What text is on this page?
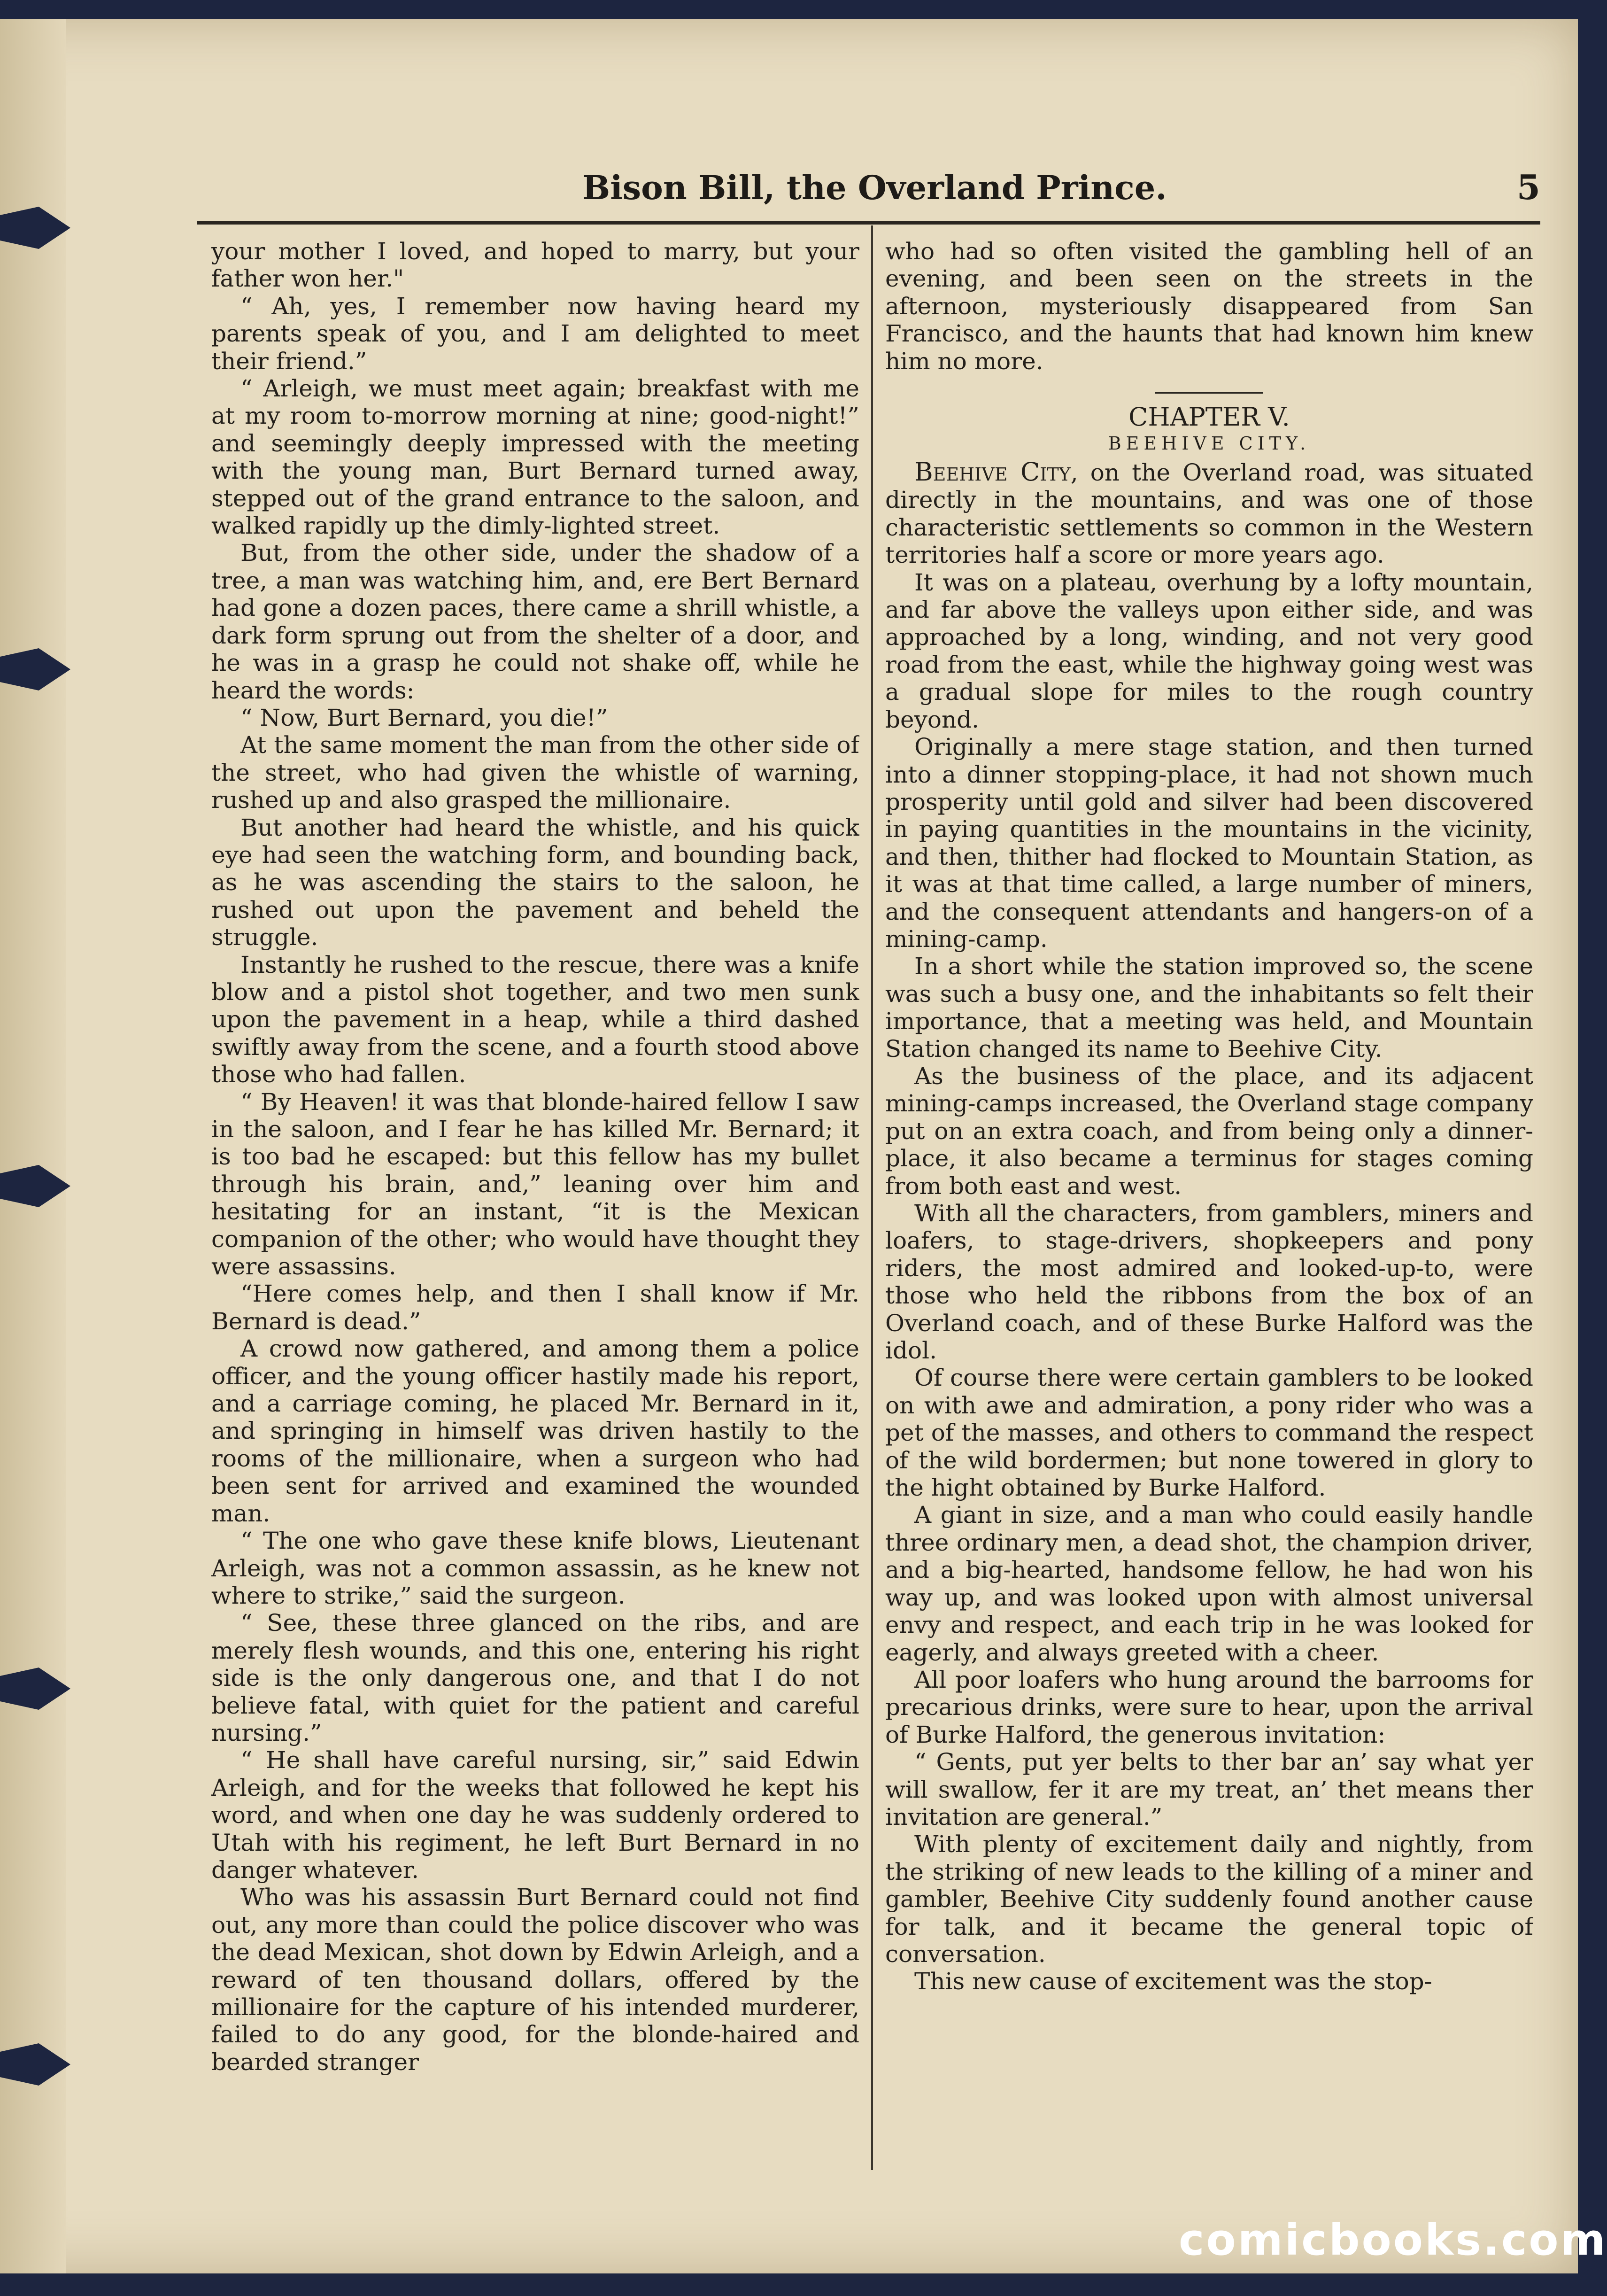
Bison Bill, the Overland Prince.	5

your mother I loved, and hoped to marry, but your father won her."

“ Ah, yes, I remember now having heard my parents speak of you, and I am delighted to meet their friend.”

“ Arleigh, we must meet again; breakfast with me at my room to-morrow morning at nine; good-night!” and seemingly deeply impressed with the meeting with the young man, Burt Bernard turned away, stepped out of the grand entrance to the saloon, and walked rapidly up the dimly-lighted street.

But, from the other side, under the shadow of a tree, a man was watching him, and, ere Bert Bernard had gone a dozen paces, there came a shrill whistle, a dark form sprung out from the shelter of a door, and he was in a grasp he could not shake off, while he heard the words:

“ Now, Burt Bernard, you die!”

At the same moment the man from the other side of the street, who had given the whistle of warning, rushed up and also grasped the millionaire.

But another had heard the whistle, and his quick eye had seen the watching form, and bounding back, as he was ascending the stairs to the saloon, he rushed out upon the pavement and beheld the struggle.

Instantly he rushed to the rescue, there was a knife blow and a pistol shot together, and two men sunk upon the pavement in a heap, while a third dashed swiftly away from the scene, and a fourth stood above those who had fallen.

“ By Heaven! it was that blonde-haired fellow I saw in the saloon, and I fear he has killed Mr. Bernard; it is too bad he escaped: but this fellow has my bullet through his brain, and,” leaning over him and hesitating for an instant, “it is the Mexican companion of the other; who would have thought they were assassins.

“Here comes help, and then I shall know if Mr. Bernard is dead.”

A crowd now gathered, and among them a police officer, and the young officer hastily made his report, and a carriage coming, he placed Mr. Bernard in it, and springing in himself was driven hastily to the rooms of the millionaire, when a surgeon who had been sent for arrived and examined the wounded man.

“ The one who gave these knife blows, Lieutenant Arleigh, was not a common assassin, as he knew not where to strike,” said the surgeon.

“ See, these three glanced on the ribs, and are merely flesh wounds, and this one, entering his right side is the only dangerous one, and that I do not believe fatal, with quiet for the patient and careful nursing.”

“ He shall have careful nursing, sir,” said Edwin Arleigh, and for the weeks that followed he kept his word, and when one day he was suddenly ordered to Utah with his regiment, he left Burt Bernard in no danger whatever.

Who was his assassin Burt Bernard could not find out, any more than could the police discover who was the dead Mexican, shot down by Edwin Arleigh, and a reward of ten thousand dollars, offered by the millionaire for the capture of his intended murderer, failed to do any good, for the blonde-haired and bearded stranger

who had so often visited the gambling hell of an evening, and been seen on the streets in the afternoon, mysteriously disappeared from San Francisco, and the haunts that had known him knew him no more.

CHAPTER V.

BEEHIVE CITY.

Beehive City, on the Overland road, was situated directly in the mountains, and was one of those characteristic settlements so common in the Western territories half a score or more years ago.

It was on a plateau, overhung by a lofty mountain, and far above the valleys upon either side, and was approached by a long, winding, and not very good road from the east, while the highway going west was a gradual slope for miles to the rough country beyond.

Originally a mere stage station, and then turned into a dinner stopping-place, it had not shown much prosperity until gold and silver had been discovered in paying quantities in the mountains in the vicinity, and then, thither had flocked to Mountain Station, as it was at that time called, a large number of miners, and the consequent attendants and hangers-on of a mining-camp.

In a short while the station improved so, the scene was such a busy one, and the inhabitants so felt their importance, that a meeting was held, and Mountain Station changed its name to Beehive City.

As the business of the place, and its adjacent mining-camps increased, the Overland stage company put on an extra coach, and from being only a dinner-place, it also became a terminus for stages coming from both east and west.

With all the characters, from gamblers, miners and loafers, to stage-drivers, shopkeepers and pony riders, the most admired and looked-up-to, were those who held the ribbons from the box of an Overland coach, and of these Burke Halford was the idol.

Of course there were certain gamblers to be looked on with awe and admiration, a pony rider who was a pet of the masses, and others to command the respect of the wild bordermen; but none towered in glory to the hight obtained by Burke Halford.

A giant in size, and a man who could easily handle three ordinary men, a dead shot, the champion driver, and a big-hearted, handsome fellow, he had won his way up, and was looked upon with almost universal envy and respect, and each trip in he was looked for eagerly, and always greeted with a cheer.

All poor loafers who hung around the barrooms for precarious drinks, were sure to hear, upon the arrival of Burke Halford, the generous invitation:

“ Gents, put yer belts to ther bar an’ say what yer will swallow, fer it are my treat, an’ thet means ther invitation are general.”

With plenty of excitement daily and nightly, from the striking of new leads to the killing of a miner and gambler, Beehive City suddenly found another cause for talk, and it became the general topic of conversation.

This new cause of excitement was the stop-

comicbooks.com
